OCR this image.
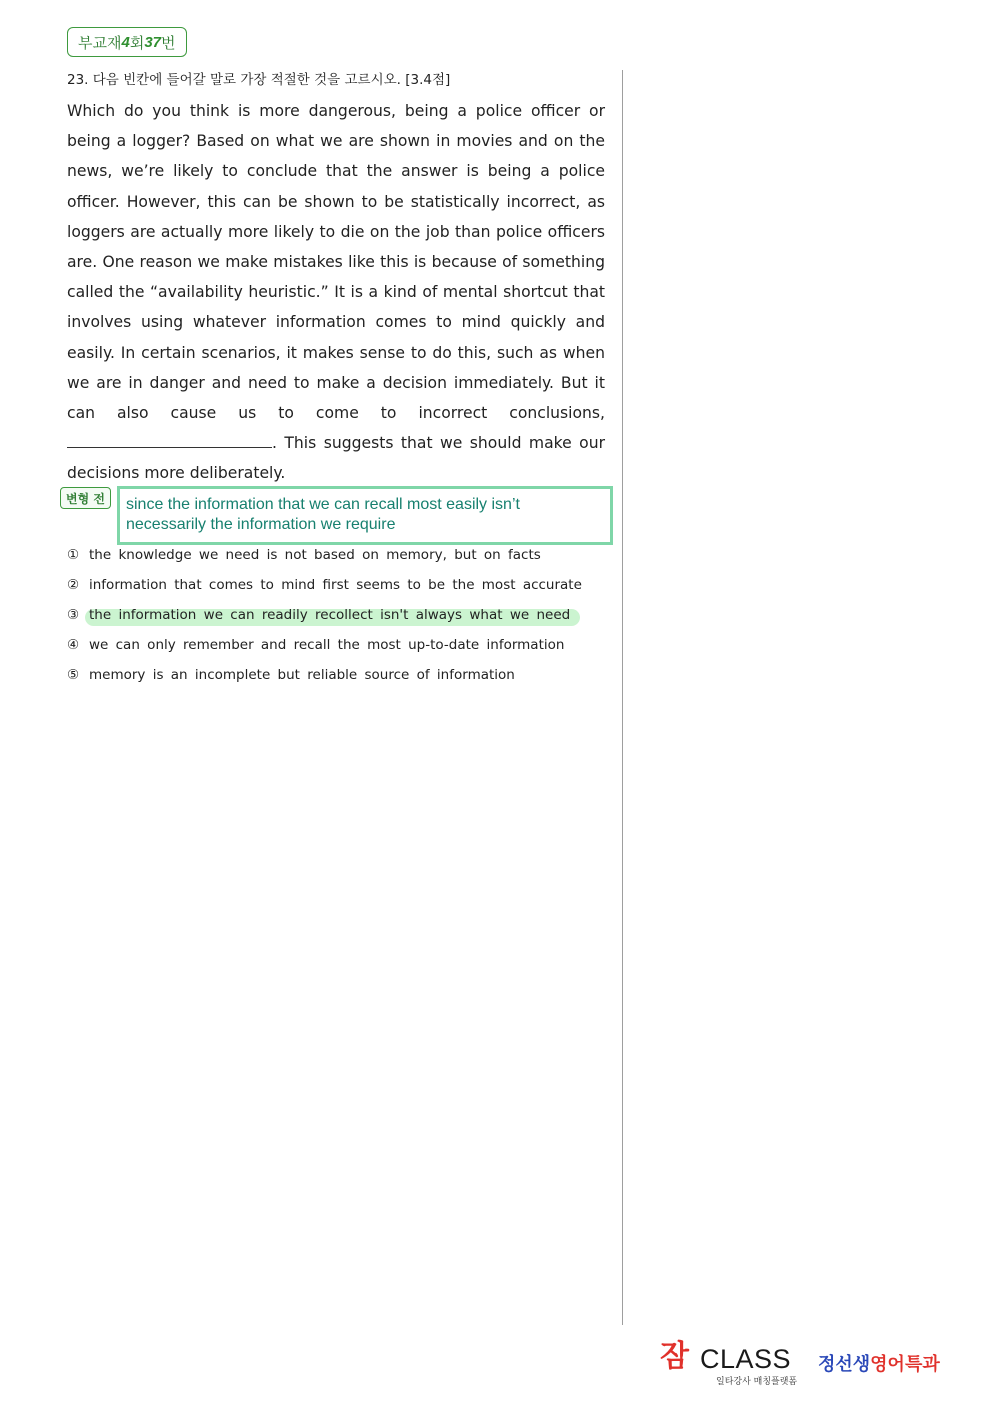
부교재 4 회 37 번
23. 다음 빈칸에 들어갈 말로 가장 적절한 것을 고르시오. [3.4점]
Which do you think is more dangerous, being a police officer or being a logger? Based on what we are shown in movies and on the news, we’re likely to conclude that the answer is being a police officer. However, this can be shown to be statistically incorrect, as loggers are actually more likely to die on the job than police officers are. One reason we make mistakes like this is because of something called the “availability heuristic.” It is a kind of mental shortcut that involves using whatever information comes to mind quickly and easily. In certain scenarios, it makes sense to do this, such as when we are in danger and need to make a decision immediately. But it can also cause us to come to incorrect conclusions, . This suggests that we should make our decisions more deliberately.
변형 전	since the information that we can recall most easily isn’t necessarily the information we require
① the knowledge we need is not based on memory, but on facts
② information that comes to mind first seems to be the most accurate
③ the information we can readily recollect isn't always what we need
④ we can only remember and recall the most up-to-date information
⑤ memory is an incomplete but reliable source of information
잠 CLASS
일타강사 매칭플랫폼
정선생영어특과
